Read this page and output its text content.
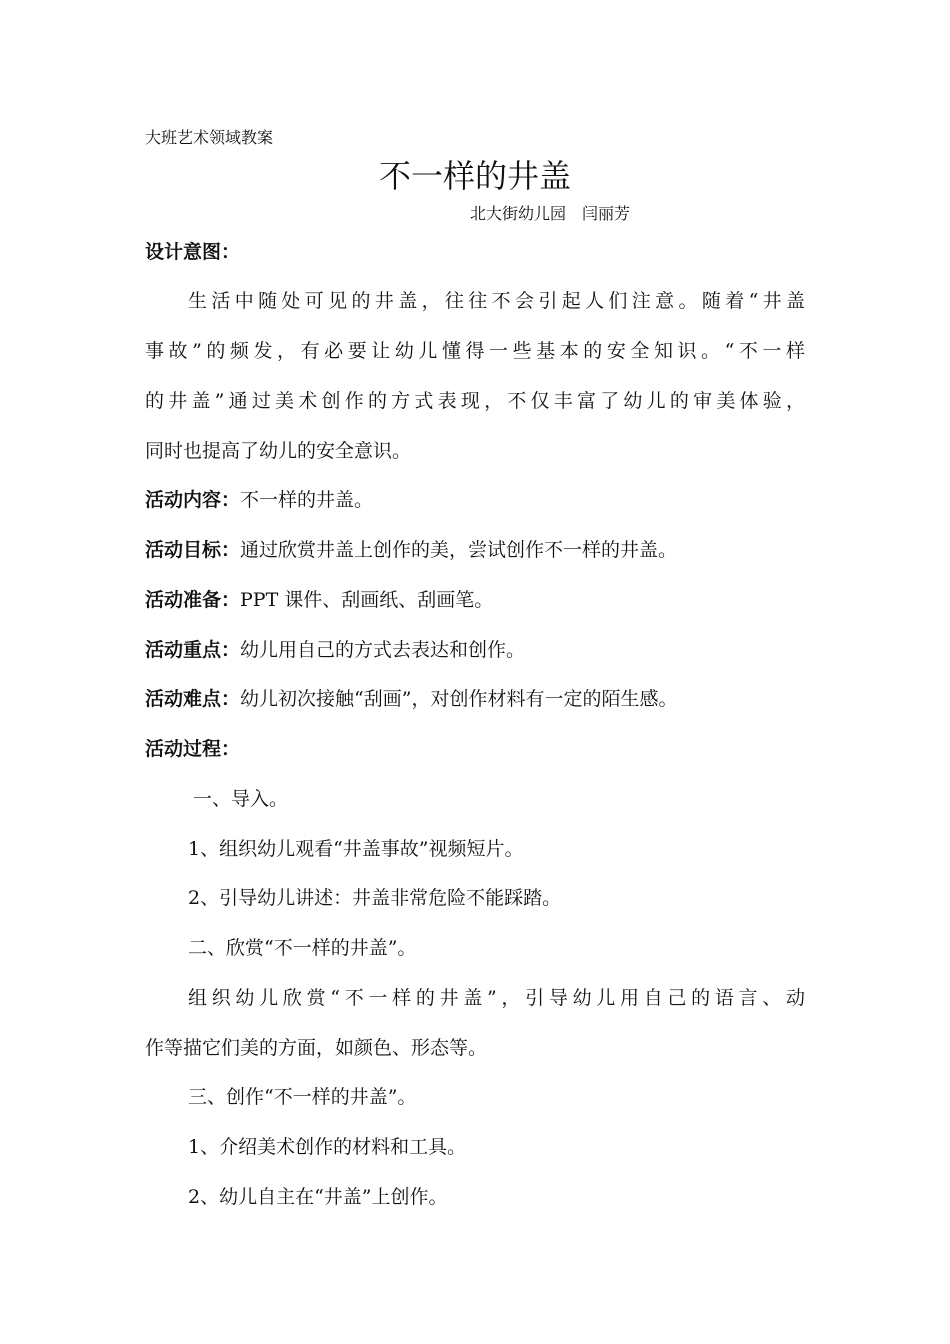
大班艺术领域教案
不一样的井盖
北大街幼儿园　闫丽芳
设计意图：
生活中随处可见的井盖，往往不会引起人们注意。随着“井盖
事故”的频发，有必要让幼儿懂得一些基本的安全知识。“不一样
的井盖”通过美术创作的方式表现，不仅丰富了幼儿的审美体验，
同时也提高了幼儿的安全意识。
活动内容：不一样的井盖。
活动目标：通过欣赏井盖上创作的美，尝试创作不一样的井盖。
活动准备：PPT 课件、刮画纸、刮画笔。
活动重点：幼儿用自己的方式去表达和创作。
活动难点：幼儿初次接触“刮画”，对创作材料有一定的陌生感。
活动过程：
一、导入。
1、组织幼儿观看“井盖事故”视频短片。
2、引导幼儿讲述：井盖非常危险不能踩踏。
二、欣赏“不一样的井盖”。
组织幼儿欣赏“不一样的井盖”，引导幼儿用自己的语言、动
作等描它们美的方面，如颜色、形态等。
三、创作“不一样的井盖”。
1、介绍美术创作的材料和工具。
2、幼儿自主在“井盖”上创作。
